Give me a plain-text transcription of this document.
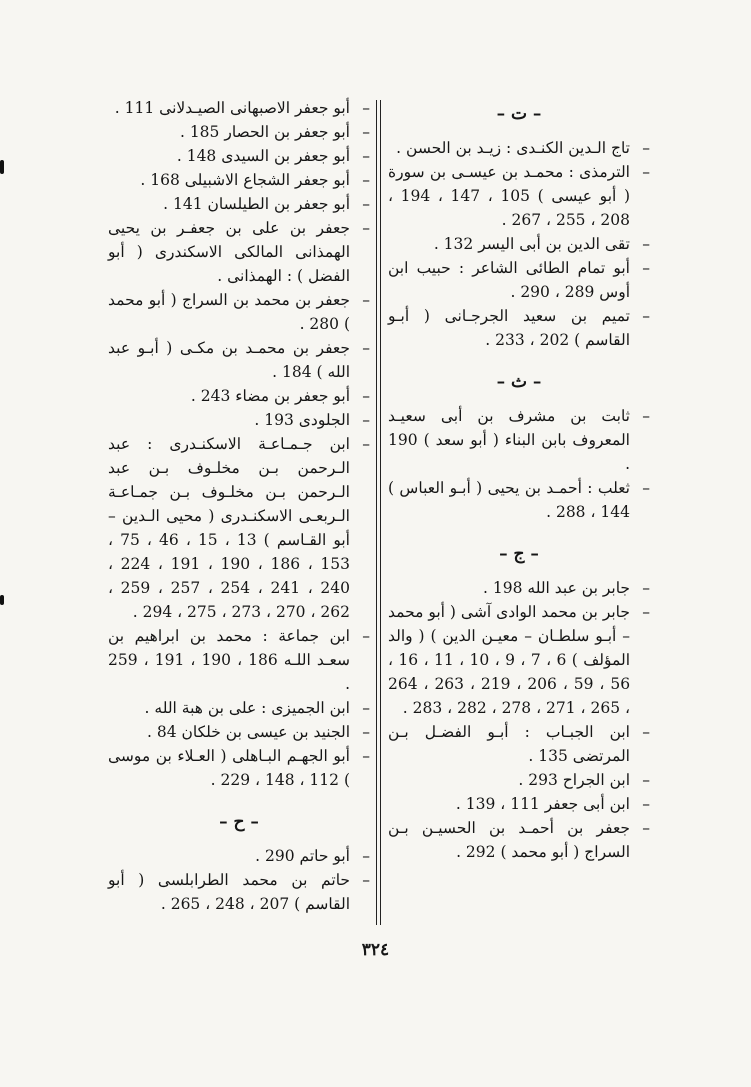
– ت –
– تاج الـدين الكنـدى : زيـد بن الحسن .
– الترمذى : محمـد بن عيسـى بن سورة ( أبو عيسى ) 105 ، 147 ، 194 ، 208 ، 255 ، 267 .
– تقى الدين بن أبى اليسر 132 .
– أبو تمام الطائى الشاعر : حبيب ابن أوس 289 ، 290 .
– تميم بن سعيد الجرجـانى ( أبـو القاسم ) 202 ، 233 .
– ث –
– ثابت بن مشرف بن أبى سعيـد المعروف بابن البناء ( أبو سعد ) 190 .
– ثعلب : أحمـد بن يحيى ( أبـو العباس ) 144 ، 288 .
– ج –
– جابر بن عبد الله 198 .
– جابر بن محمد الوادى آشى ( أبو محمد – أبـو سلطـان – معيـن الدين ) ( والد المؤلف ) 6 ، 7 ، 9 ، 10 ، 11 ، 16 ، 56 ، 59 ، 206 ، 219 ، 263 ، 264 ، 265 ، 271 ، 278 ، 282 ، 283 .
– ابن الجبـاب : أبـو الفضـل بـن المرتضى 135 .
– ابن الجراح 293 .
– ابن أبى جعفر 111 ، 139 .
– جعفر بن أحمـد بن الحسيـن بـن السراج ( أبو محمد ) 292 .
– أبو جعفر الاصبهانى الصيـدلانى 111 .
– أبو جعفر بن الحصار 185 .
– أبو جعفر بن السيدى 148 .
– أبو جعفر الشجاع الاشبيلى 168 .
– أبو جعفر بن الطيلسان 141 .
– جعفر بن على بن جعفـر بن يحيى الهمذانى المالكى الاسكندرى ( أبو الفضل ) : الهمذانى .
– جعفر بن محمد بن السراج ( أبو محمد ) 280 .
– جعفر بن محمـد بن مكـى ( أبـو عبد الله ) 184 .
– أبو جعفر بن مضاء 243 .
– الجلودى 193 .
– ابن جـمـاعـة الاسكنـدرى : عبد الـرحمن بـن مخلـوف بـن عبد الـرحمن بـن مخلـوف بـن جمـاعـة الـربعـى الاسكنـدرى ( محيى الـدين – أبو القـاسم ) 13 ، 15 ، 46 ، 75 ، 153 ، 186 ، 190 ، 191 ، 224 ، 240 ، 241 ، 254 ، 257 ، 259 ، 262 ، 270 ، 273 ، 275 ، 294 .
– ابن جماعة : محمد بن ابراهيم بن سعـد اللـه 186 ، 190 ، 191 ، 259 .
– ابن الجميزى : على بن هبة الله .
– الجنيد بن عيسى بن خلكان 84 .
– أبو الجهـم البـاهلى ( العـلاء بن موسى ) 112 ، 148 ، 229 .
– ح –
– أبو حاتم 290 .
– حاتم بن محمد الطرابلسى ( أبو القاسم ) 207 ، 248 ، 265 .
٣٢٤
